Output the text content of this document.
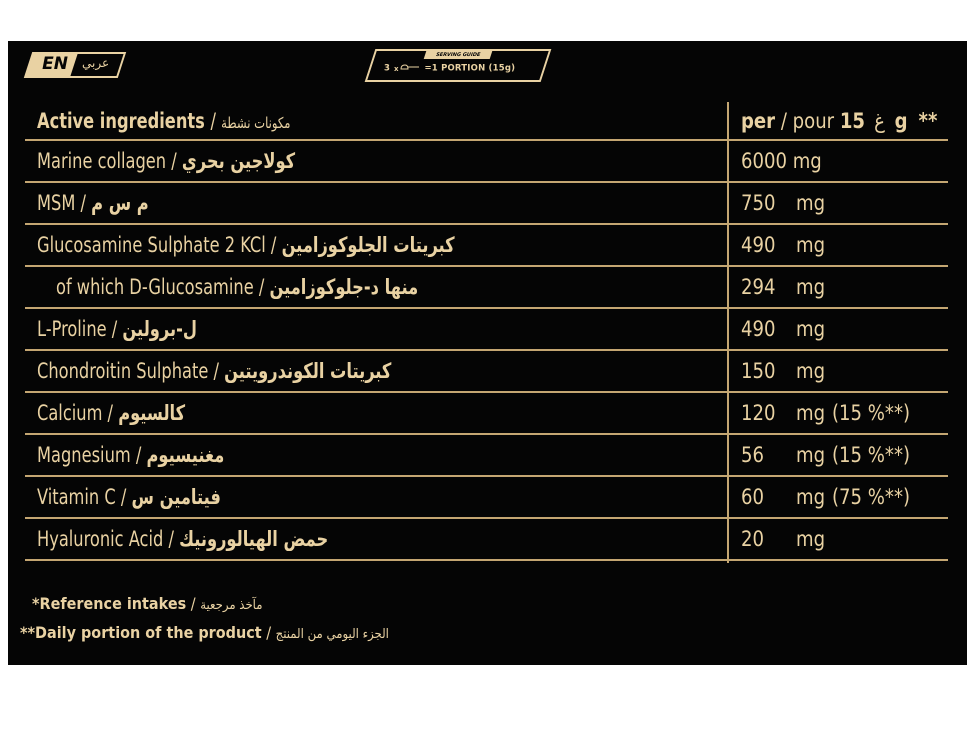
EN	عربي
SERVING GUIDE
3 x	=1 PORTION (15g)
Active ingredients / مكونات نشطة	per / pour غ 15 g **
Marine collagen / كولاجين بحري	6000 mg
MSM / م س م	750 mg
Glucosamine Sulphate 2 KCl / كبريتات الجلوكوزامين	490 mg
of which D-Glucosamine / منها د-جلوكوزامين	294 mg
L-Proline / ل-برولين	490 mg
Chondroitin Sulphate / كبريتات الكوندرويتين	150 mg
Calcium / كالسيوم	120 mg (15 %**)
Magnesium / مغنيسيوم	56 mg (15 %**)
Vitamin C / فيتامين س	60 mg (75 %**)
Hyaluronic Acid / حمض الهيالورونيك	20 mg
*Reference intakes / مآخذ مرجعية
**Daily portion of the product / الجزء اليومي من المنتج
